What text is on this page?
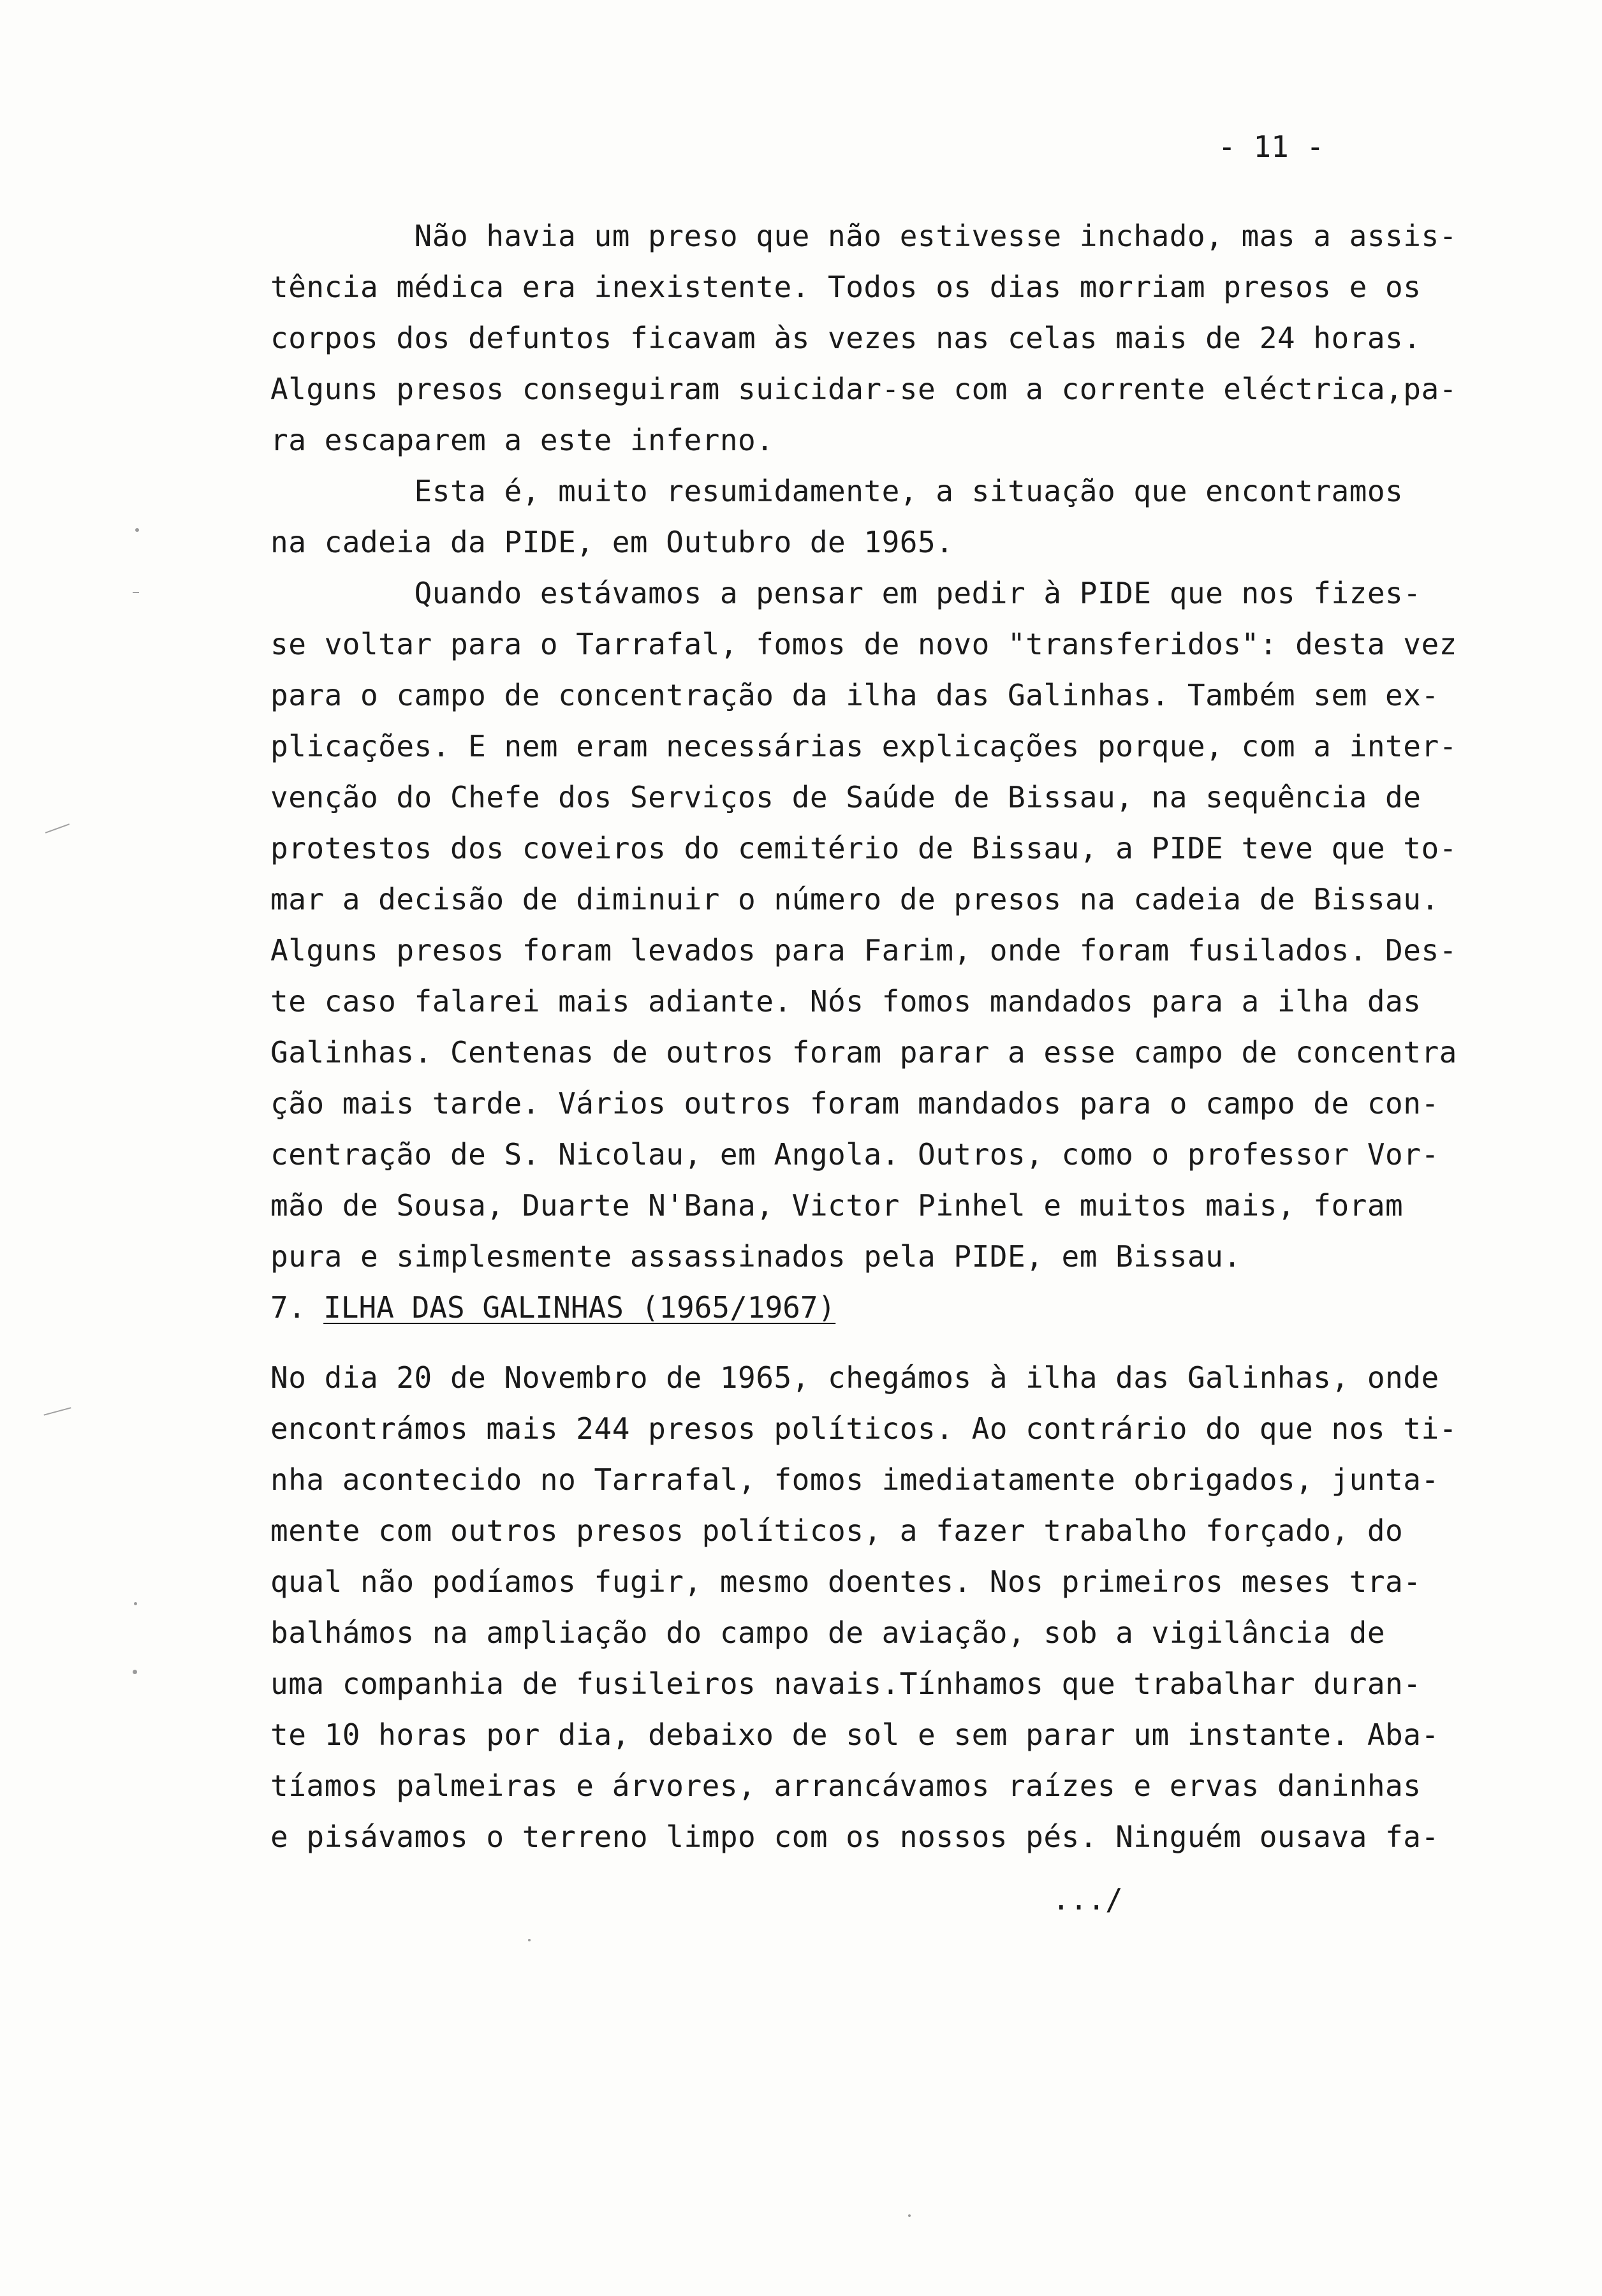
- 11 -
Não havia um preso que não estivesse inchado, mas a assis-
tência médica era inexistente. Todos os dias morriam presos e os
corpos dos defuntos ficavam às vezes nas celas mais de 24 horas.
Alguns presos conseguiram suicidar-se com a corrente eléctrica,pa-
ra escaparem a este inferno.
Esta é, muito resumidamente, a situação que encontramos
na cadeia da PIDE, em Outubro de 1965.
Quando estávamos a pensar em pedir à PIDE que nos fizes-
se voltar para o Tarrafal, fomos de novo "transferidos": desta vez
para o campo de concentração da ilha das Galinhas. Também sem ex-
plicações. E nem eram necessárias explicações porque, com a inter-
venção do Chefe dos Serviços de Saúde de Bissau, na sequência de
protestos dos coveiros do cemitério de Bissau, a PIDE teve que to-
mar a decisão de diminuir o número de presos na cadeia de Bissau.
Alguns presos foram levados para Farim, onde foram fusilados. Des-
te caso falarei mais adiante. Nós fomos mandados para a ilha das
Galinhas. Centenas de outros foram parar a esse campo de concentra
ção mais tarde. Vários outros foram mandados para o campo de con-
centração de S. Nicolau, em Angola. Outros, como o professor Vor-
mão de Sousa, Duarte N'Bana, Victor Pinhel e muitos mais, foram
pura e simplesmente assassinados pela PIDE, em Bissau.
7. ILHA DAS GALINHAS (1965/1967)
No dia 20 de Novembro de 1965, chegámos à ilha das Galinhas, onde
encontrámos mais 244 presos políticos. Ao contrário do que nos ti-
nha acontecido no Tarrafal, fomos imediatamente obrigados, junta-
mente com outros presos políticos, a fazer trabalho forçado, do
qual não podíamos fugir, mesmo doentes. Nos primeiros meses tra-
balhámos na ampliação do campo de aviação, sob a vigilância de
uma companhia de fusileiros navais.Tínhamos que trabalhar duran-
te 10 horas por dia, debaixo de sol e sem parar um instante. Aba-
tíamos palmeiras e árvores, arrancávamos raízes e ervas daninhas
e pisávamos o terreno limpo com os nossos pés. Ninguém ousava fa-
.../
